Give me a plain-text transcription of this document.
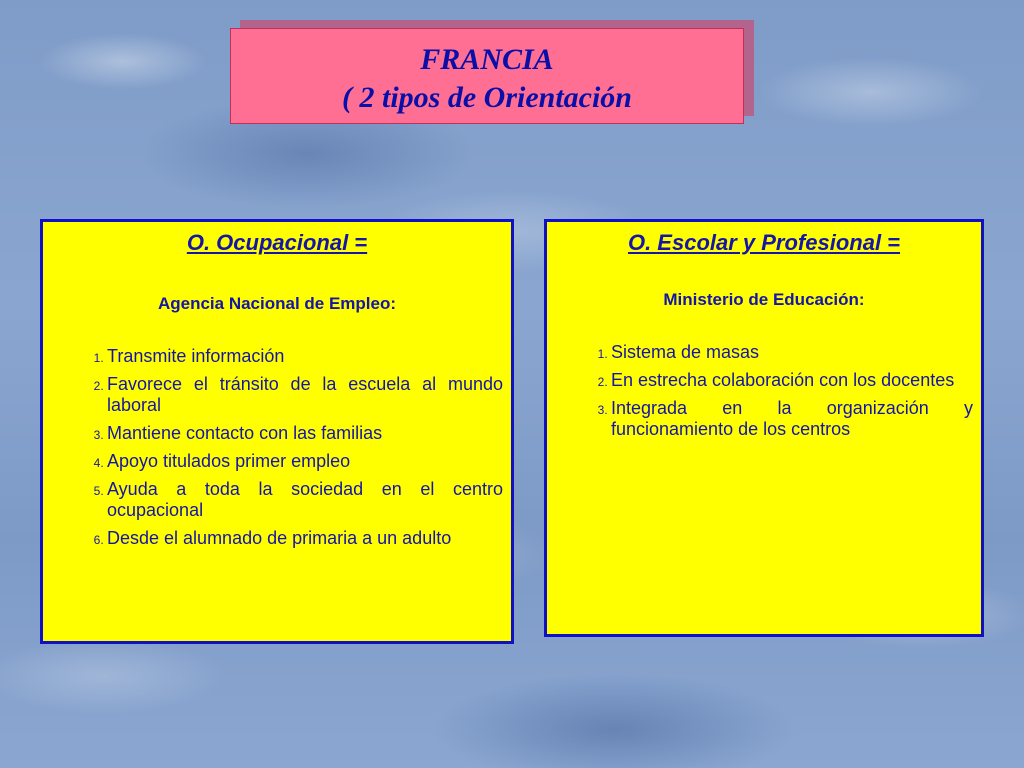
FRANCIA
( 2 tipos de Orientación

O. Ocupacional =

Agencia Nacional de Empleo:

1. Transmite información
2. Favorece el tránsito de la escuela al mundo laboral
3. Mantiene contacto con las familias
4. Apoyo titulados primer empleo
5. Ayuda a toda la sociedad en el centro ocupacional
6. Desde el alumnado de primaria a un adulto

O. Escolar y Profesional =

Ministerio de Educación:

1. Sistema de masas
2. En estrecha colaboración con los docentes
3. Integrada en la organización y funcionamiento de los centros
